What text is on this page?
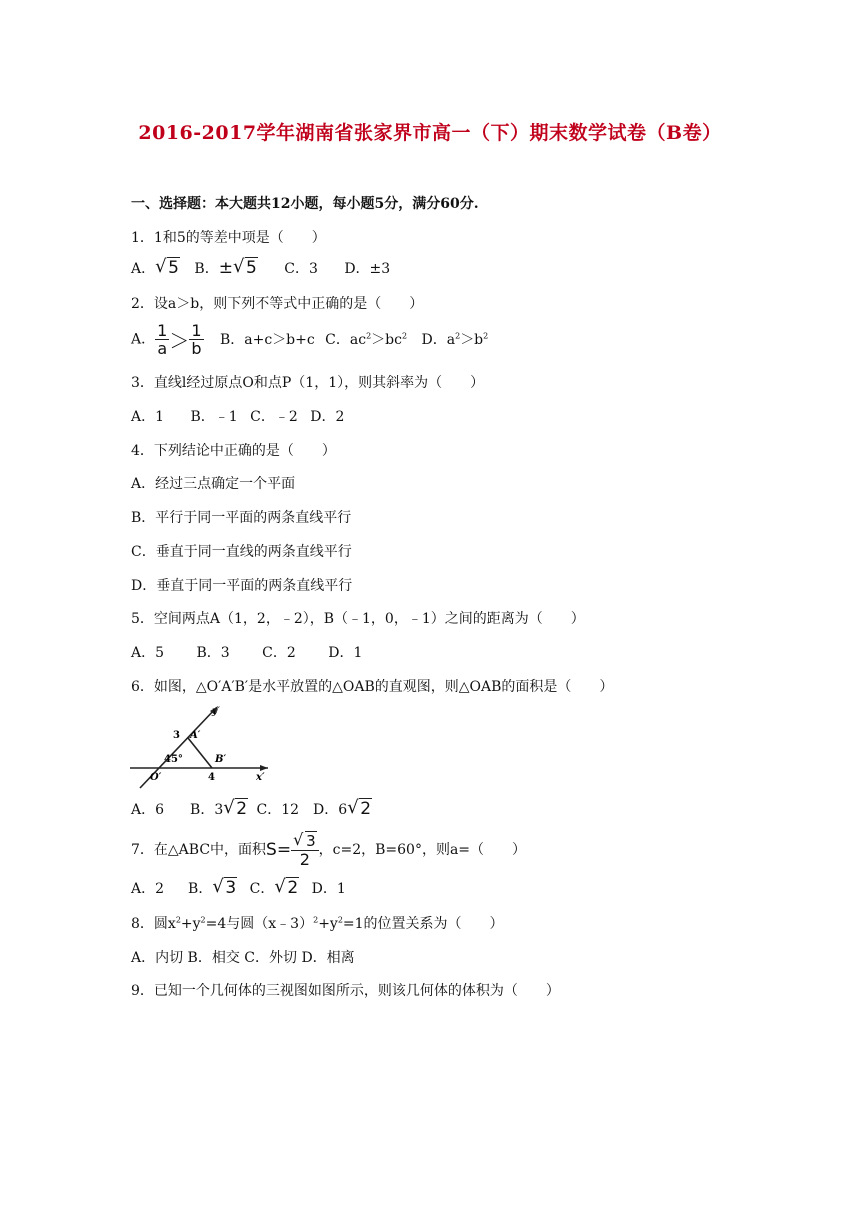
2016-2017学年湖南省张家界市高一（下）期末数学试卷（B卷）
一、选择题：本大题共12小题，每小题5分，满分60分.
1．1和5的等差中项是（　　）
A． √ 5 B．± √ 5 C．3 D．±3
2．设a＞b，则下列不等式中正确的是（　　）
A． $\frac{1}{a} > \frac{1}{b}$ B．a+c＞b+c C．$ac^2>bc^2$ D．$a^2>b^2$
3．直线l经过原点O和点P（1，1），则其斜率为（　　）
A．1 B．﹣1 C．﹣2 D．2
4．下列结论中正确的是（　　）
A．经过三点确定一个平面
B．平行于同一平面的两条直线平行
C．垂直于同一直线的两条直线平行
D．垂直于同一平面的两条直线平行
5．空间两点A（1，2，﹣2），B（﹣1，0，﹣1）之间的距离为（　　）
A．5 B．3 C．2 D．1
6．如图，△O′A′B′是水平放置的△OAB的直观图，则△OAB的面积是（　　）
y′
A′
3
45°
O′
B′
4	x′
A．6 B．3 √ 2 C．12 D．6 √ 2
7．在△ABC中，面积$S= \frac{√ 3}{2}$ ，c=2，B=60°，则a=（　　）
A．2 B． √ 3 C． √ 2 D．1
8．圆$x^2+y^2=4$与圆$(x﹣3)^2+y^2=1$的位置关系为（　　）
A．内切 B．相交 C．外切 D．相离
9．已知一个几何体的三视图如图所示，则该几何体的体积为（　　）
